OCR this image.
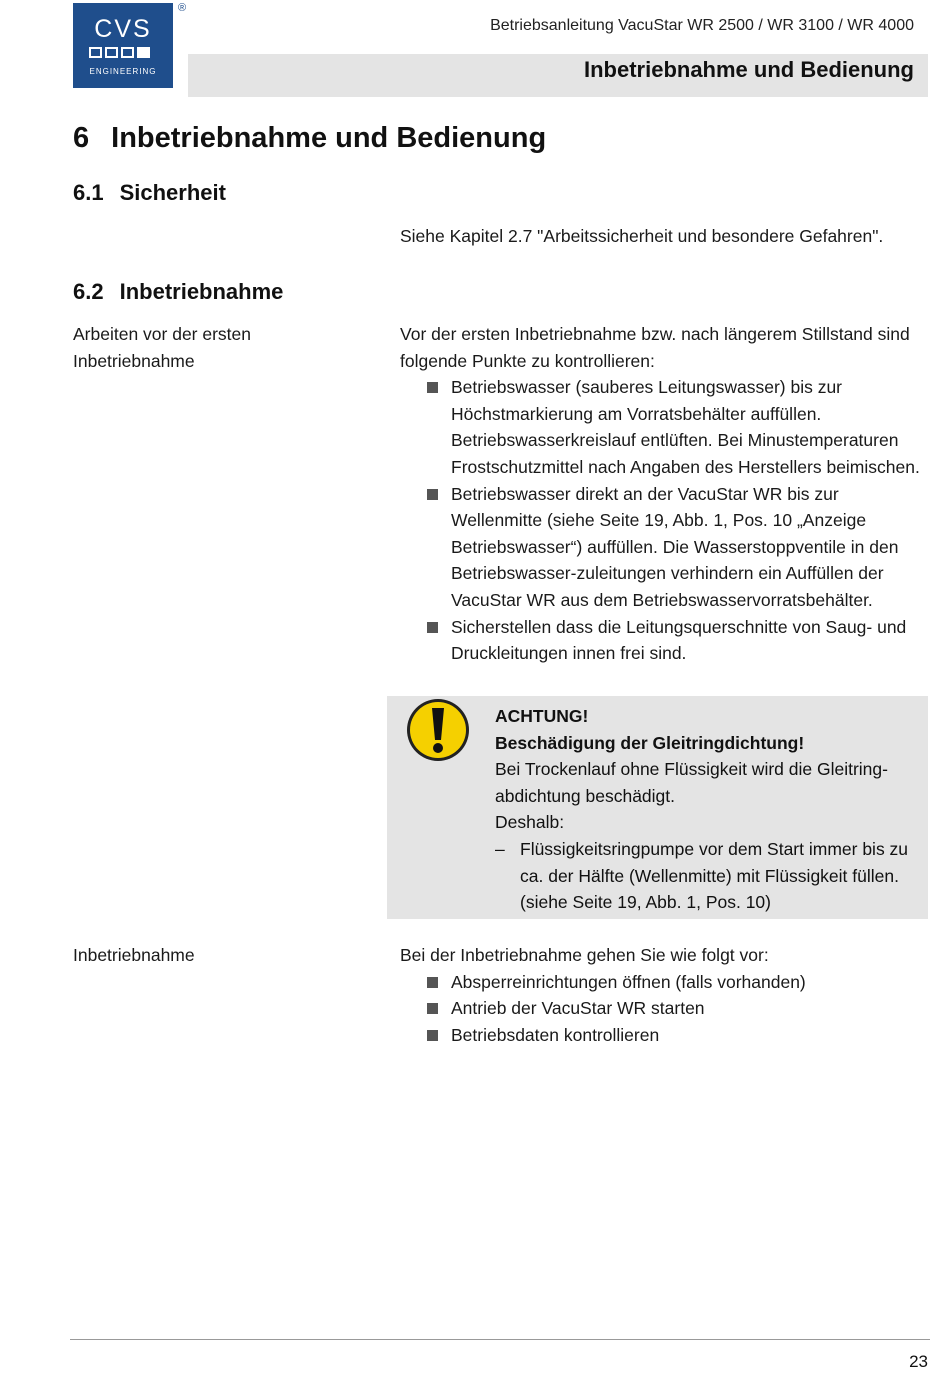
CVS
ENGINEERING
®
Betriebsanleitung VacuStar WR 2500 / WR 3100 / WR 4000
Inbetriebnahme und Bedienung
6 Inbetriebnahme und Bedienung
6.1 Sicherheit
Siehe Kapitel 2.7 "Arbeitssicherheit und besondere Gefahren".
6.2 Inbetriebnahme
Arbeiten vor der ersten
Inbetriebnahme

Vor der ersten Inbetriebnahme bzw. nach längerem Stillstand sind folgende Punkte zu kontrollieren:

Betriebswasser (sauberes Leitungswasser) bis zur Höchstmarkierung am Vorratsbehälter auffüllen. Betriebswasserkreislauf entlüften. Bei Minustemperaturen Frostschutzmittel nach Angaben des Herstellers beimischen.
Betriebswasser direkt an der VacuStar WR bis zur Wellenmitte (siehe Seite 19, Abb. 1, Pos. 10 „Anzeige Betriebswasser“) auffüllen. Die Wasserstoppventile in den Betriebswasser-zuleitungen verhindern ein Auffüllen der VacuStar WR aus dem Betriebswasservorratsbehälter.
Sicherstellen dass die Leitungsquerschnitte von Saug- und Druckleitungen innen frei sind.

ACHTUNG!

Beschädigung der Gleitringdichtung!

Bei Trockenlauf ohne Flüssigkeit wird die Gleitring-abdichtung beschädigt.

Deshalb:

– Flüssigkeitsringpumpe vor dem Start immer bis zu ca. der Hälfte (Wellenmitte) mit Flüssigkeit füllen. (siehe Seite 19, Abb. 1, Pos. 10)
Inbetriebnahme	Bei der Inbetriebnahme gehen Sie wie folgt vor:

Absperreinrichtungen öffnen (falls vorhanden)
Antrieb der VacuStar WR starten
Betriebsdaten kontrollieren
23
